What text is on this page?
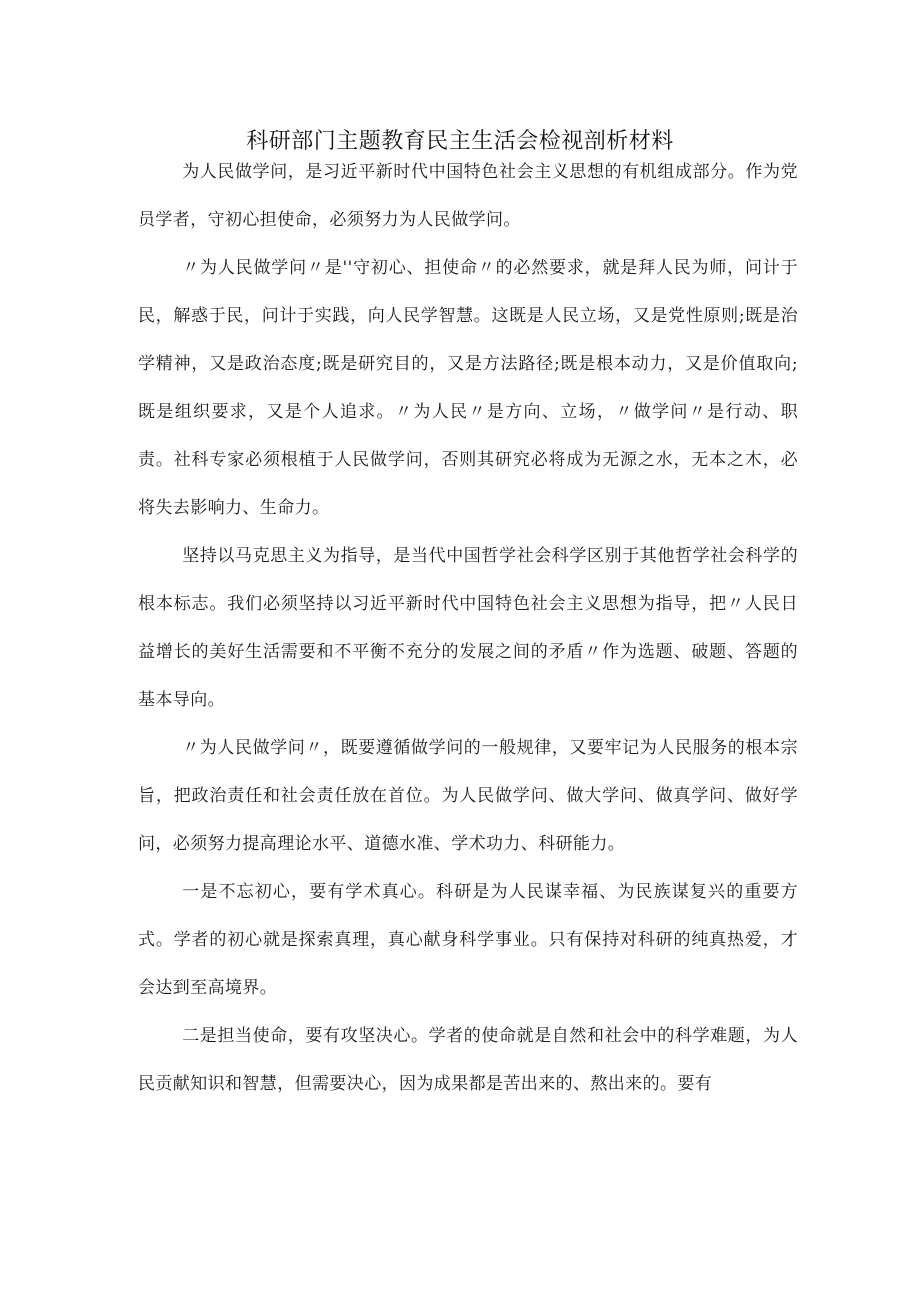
科研部门主题教育民主生活会检视剖析材料

为人民做学问，是习近平新时代中国特色社会主义思想的有机组成部分。作为党员学者，守初心担使命，必须努力为人民做学问。

〃为人民做学问〃是''守初心、担使命〃的必然要求，就是拜人民为师，问计于民，解惑于民，问计于实践，向人民学智慧。这既是人民立场，又是党性原则;既是治学精神，又是政治态度;既是研究目的，又是方法路径;既是根本动力，又是价值取向;既是组织要求，又是个人追求。〃为人民〃是方向、立场，〃做学问〃是行动、职责。社科专家必须根植于人民做学问，否则其研究必将成为无源之水，无本之木，必将失去影响力、生命力。

坚持以马克思主义为指导，是当代中国哲学社会科学区别于其他哲学社会科学的根本标志。我们必须坚持以习近平新时代中国特色社会主义思想为指导，把〃人民日益增长的美好生活需要和不平衡不充分的发展之间的矛盾〃作为选题、破题、答题的基本导向。

〃为人民做学问〃，既要遵循做学问的一般规律，又要牢记为人民服务的根本宗旨，把政治责任和社会责任放在首位。为人民做学问、做大学问、做真学问、做好学问，必须努力提高理论水平、道德水准、学术功力、科研能力。

一是不忘初心，要有学术真心。科研是为人民谋幸福、为民族谋复兴的重要方式。学者的初心就是探索真理，真心献身科学事业。只有保持对科研的纯真热爱，才会达到至高境界。

二是担当使命，要有攻坚决心。学者的使命就是自然和社会中的科学难题，为人民贡献知识和智慧，但需要决心，因为成果都是苦出来的、熬出来的。要有
